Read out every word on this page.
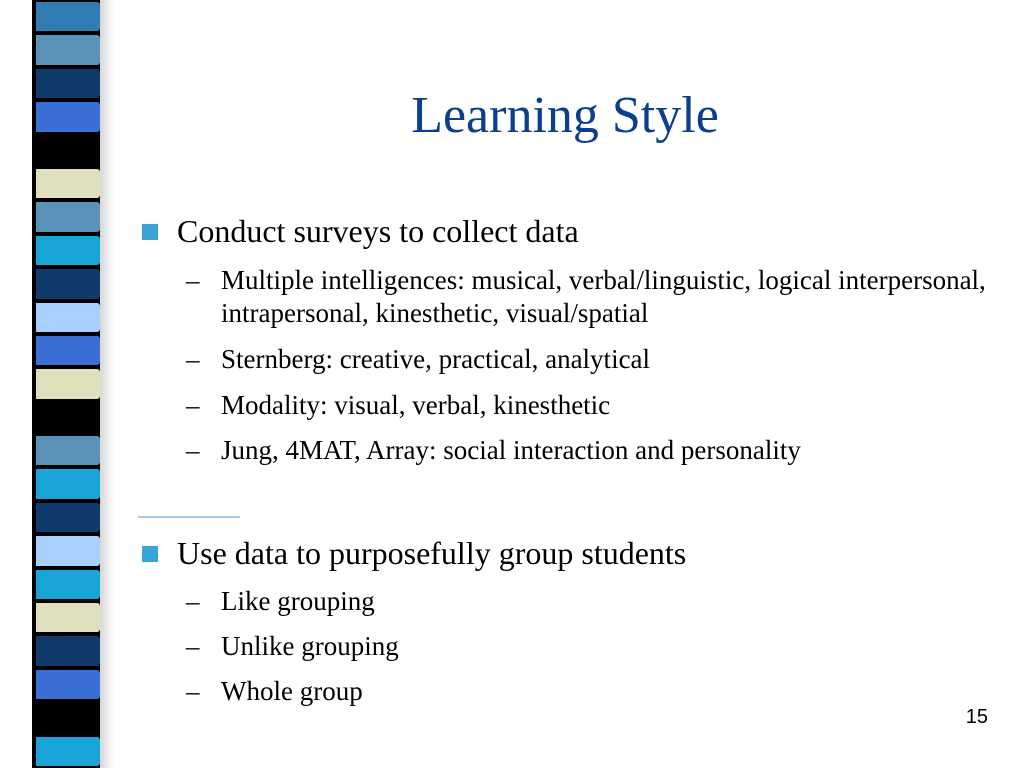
Learning Style
Conduct surveys to collect data
– Multiple intelligences: musical, verbal/linguistic, logical interpersonal, intrapersonal, kinesthetic, visual/spatial
– Sternberg: creative, practical, analytical
– Modality: visual, verbal, kinesthetic
– Jung, 4MAT, Array: social interaction and personality
Use data to purposefully group students
– Like grouping
– Unlike grouping
– Whole group
15
